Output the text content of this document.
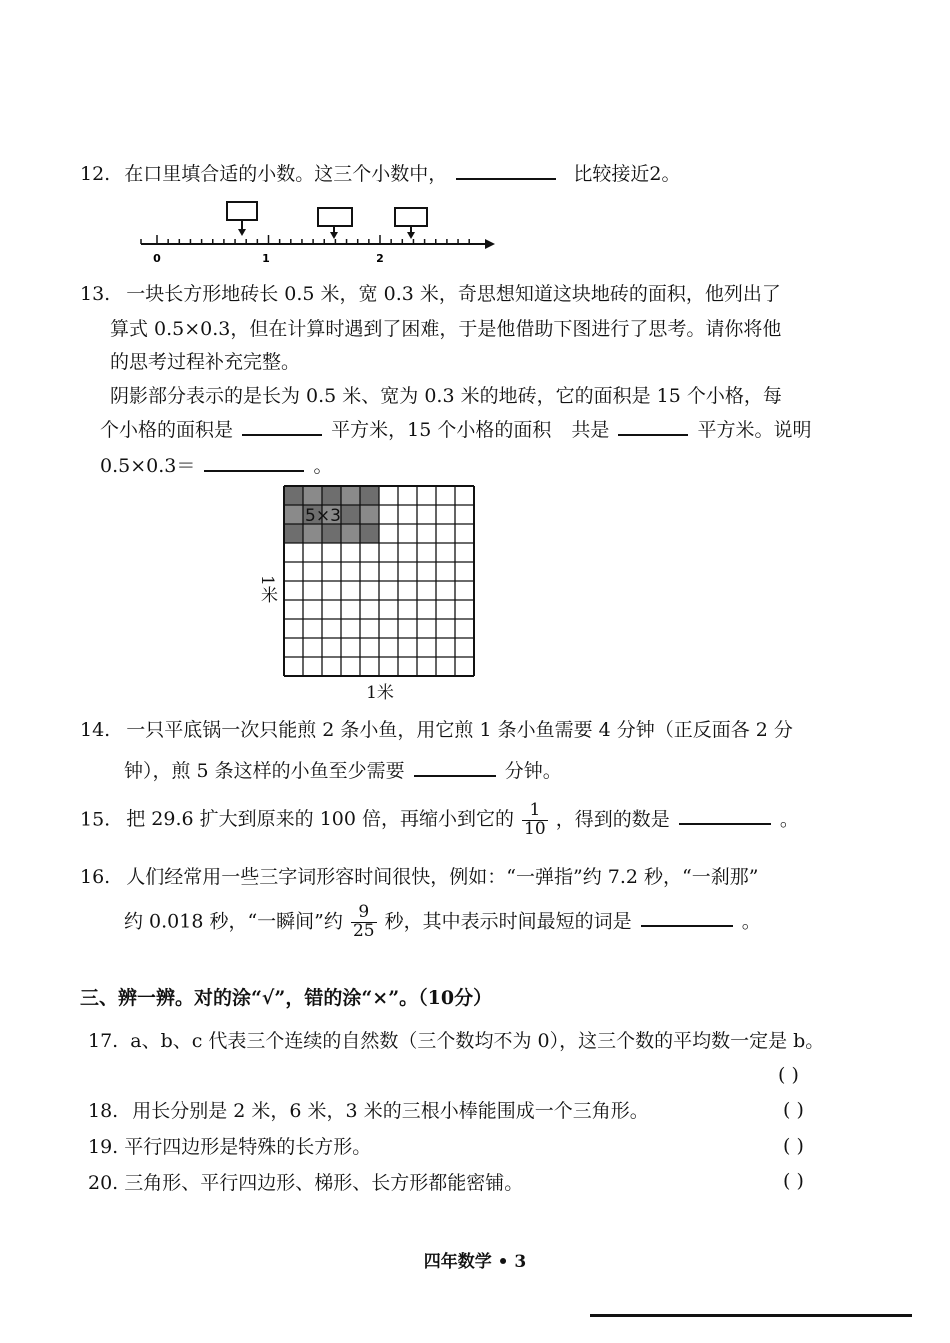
12. 在口里填合适的小数。这三个小数中，	比较接近2。
0	1	2
13. 一块长方形地砖长 0.5 米，宽 0.3 米，奇思想知道这块地砖的面积，他列出了
算式 0.5×0.3，但在计算时遇到了困难，于是他借助下图进行了思考。请你将他
的思考过程补充完整。
阴影部分表示的是长为 0.5 米、宽为 0.3 米的地砖，它的面积是 15 个小格，每
个小格的面积是	平方米，15 个小格的面积 共是	平方米。说明
0.5×0.3＝	。
5×3
1米
1米
14. 一只平底锅一次只能煎 2 条小鱼，用它煎 1 条小鱼需要 4 分钟（正反面各 2 分
钟），煎 5 条这样的小鱼至少需要	分钟。
15. 把 29.6 扩大到原来的 100 倍，再缩小到它的 $\frac{1}{10}$ ，得到的数是	。
16. 人们经常用一些三字词形容时间很快，例如：“一弹指”约 7.2 秒，“一刹那”
约 0.018 秒，“一瞬间”约 $\frac{9}{25}$ 秒，其中表示时间最短的词是	。
三、辨一辨。对的涂“√”，错的涂“×”。（10分）
17. a、b、c 代表三个连续的自然数（三个数均不为 0），这三个数的平均数一定是 b。
( )
18. 用长分别是 2 米，6 米，3 米的三根小棒能围成一个三角形。	( )
19. 平行四边形是特殊的长方形。	( )
20. 三角形、平行四边形、梯形、长方形都能密铺。	( )
四年数学 • 3
